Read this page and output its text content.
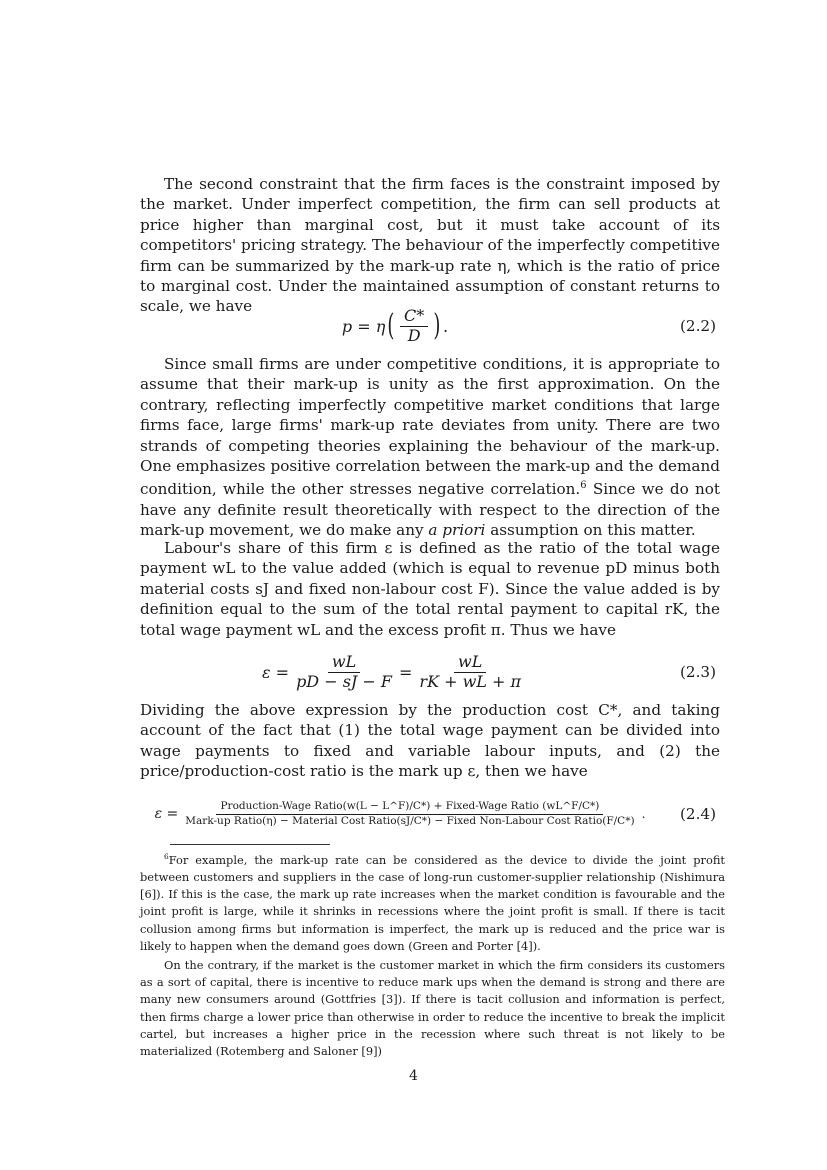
The second constraint that the firm faces is the constraint imposed by the market. Under imperfect competition, the firm can sell products at price higher than marginal cost, but it must take account of its competitors' pricing strategy. The behaviour of the imperfectly competitive firm can be summarized by the mark-up rate η, which is the ratio of price to marginal cost. Under the maintained assumption of constant returns to scale, we have

p = η ( $\frac{C*}{D}$ ) .	(2.2)

Since small firms are under competitive conditions, it is appropriate to assume that their mark-up is unity as the first approximation. On the contrary, reflecting imperfectly competitive market conditions that large firms face, large firms' mark-up rate deviates from unity. There are two strands of competing theories explaining the behaviour of the mark-up. One emphasizes positive correlation between the mark-up and the demand condition, while the other stresses negative correlation.$^6$ Since we do not have any definite result theoretically with respect to the direction of the mark-up movement, we do make any a priori assumption on this matter.

Labour's share of this firm ε is defined as the ratio of the total wage payment wL to the value added (which is equal to revenue pD minus both material costs sJ and fixed non-labour cost F). Since the value added is by definition equal to the sum of the total rental payment to capital rK, the total wage payment wL and the excess profit π. Thus we have

$\varepsilon = \frac{wL}{pD - sJ - F} = \frac{wL}{rK + wL + \pi}$	(2.3)

Dividing the above expression by the production cost C*, and taking account of the fact that (1) the total wage payment can be divided into wage payments to fixed and variable labour inputs, and (2) the price/production-cost ratio is the mark up ε, then we have

ε =	Production-Wage Ratio(w(L − L^F)/C*) + Fixed-Wage Ratio (wL^F/C*)
Mark-up Ratio(η) − Material Cost Ratio(sJ/C*) − Fixed Non-Labour Cost Ratio(F/C*) . (2.4)

$^6$For example, the mark-up rate can be considered as the device to divide the joint profit between customers and suppliers in the case of long-run customer-supplier relationship (Nishimura [6]). If this is the case, the mark up rate increases when the market condition is favourable and the joint profit is large, while it shrinks in recessions where the joint profit is small. If there is tacit collusion among firms but information is imperfect, the mark up is reduced and the price war is likely to happen when the demand goes down (Green and Porter [4]).

On the contrary, if the market is the customer market in which the firm considers its customers as a sort of capital, there is incentive to reduce mark ups when the demand is strong and there are many new consumers around (Gottfries [3]). If there is tacit collusion and information is perfect, then firms charge a lower price than otherwise in order to reduce the incentive to break the implicit cartel, but increases a higher price in the recession where such threat is not likely to be materialized (Rotemberg and Saloner [9])

4
